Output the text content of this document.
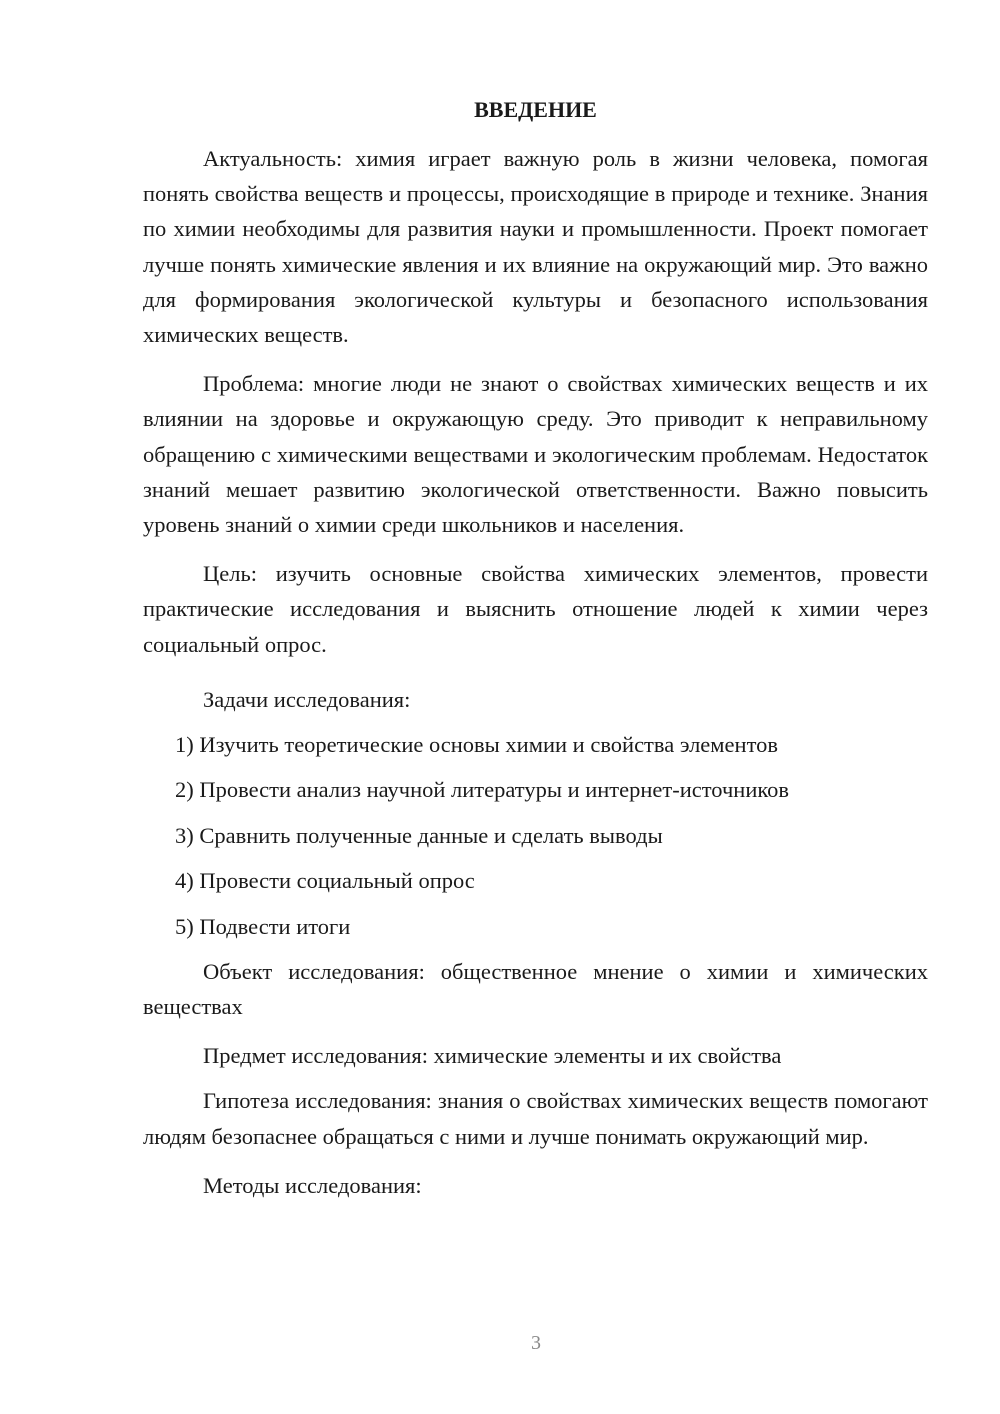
ВВЕДЕНИЕ

Актуальность: химия играет важную роль в жизни человека, помогая понять свойства веществ и процессы, происходящие в природе и технике. Знания по химии необходимы для развития науки и промышленности. Проект помогает лучше понять химические явления и их влияние на окружающий мир. Это важно для формирования экологической культуры и безопасного использования химических веществ.

Проблема: многие люди не знают о свойствах химических веществ и их влиянии на здоровье и окружающую среду. Это приводит к неправильному обращению с химическими веществами и экологическим проблемам. Недостаток знаний мешает развитию экологической ответственности. Важно повысить уровень знаний о химии среди школьников и населения.

Цель: изучить основные свойства химических элементов, провести практические исследования и выяснить отношение людей к химии через социальный опрос.

Задачи исследования:

1) Изучить теоретические основы химии и свойства элементов
2) Провести анализ научной литературы и интернет-источников
3) Сравнить полученные данные и сделать выводы
4) Провести социальный опрос
5) Подвести итоги

Объект исследования: общественное мнение о химии и химических веществах

Предмет исследования: химические элементы и их свойства

Гипотеза исследования: знания о свойствах химических веществ помогают людям безопаснее обращаться с ними и лучше понимать окружающий мир.

Методы исследования:

3
